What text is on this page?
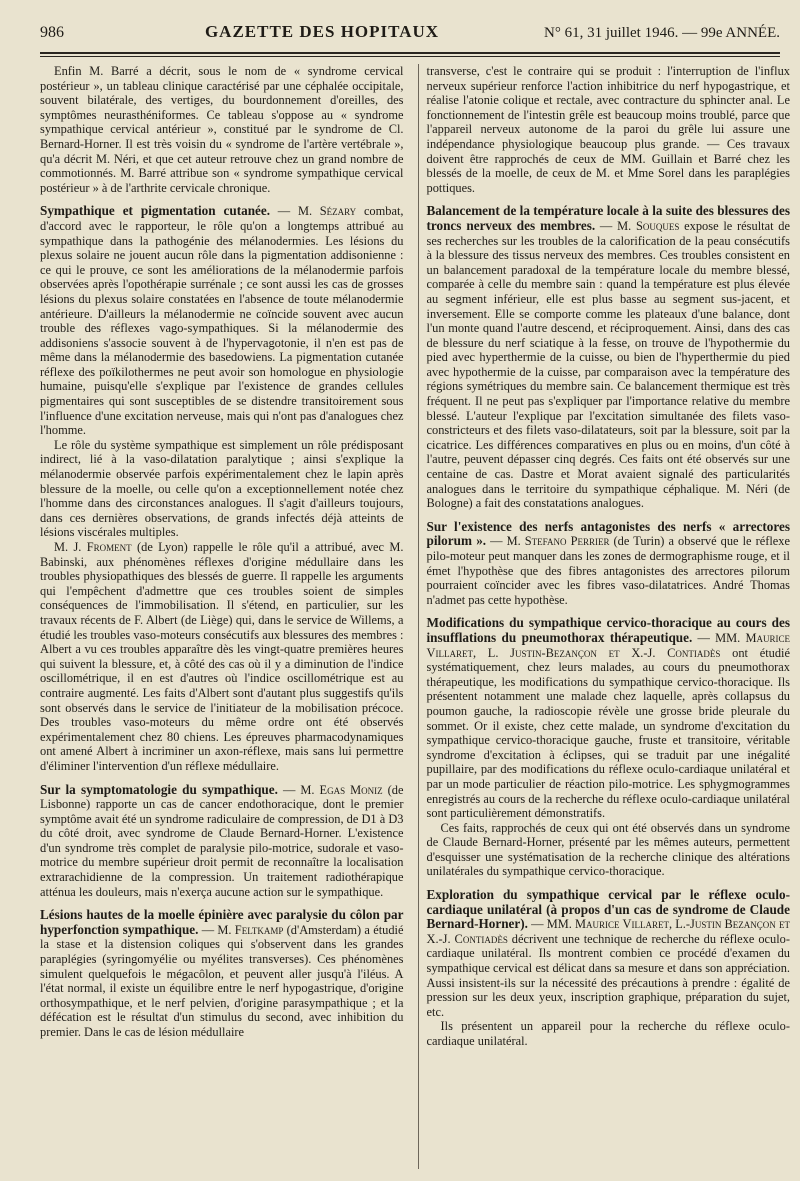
986	GAZETTE DES HOPITAUX	N° 61, 31 juillet 1946. — 99e ANNÉE.

Enfin M. Barré a décrit, sous le nom de « syndrome cervical postérieur », un tableau clinique caractérisé par une céphalée occipitale, souvent bilatérale, des vertiges, du bourdonnement d'oreilles, des symptômes neurasthéniformes. Ce tableau s'oppose au « syndrome sympathique cervical antérieur », constitué par le syndrome de Cl. Bernard-Horner. Il est très voisin du « syndrome de l'artère vertébrale », qu'a décrit M. Néri, et que cet auteur retrouve chez un grand nombre de commotionnés. M. Barré attribue son « syndrome sympathique cervical postérieur » à de l'arthrite cervicale chronique.

Sympathique et pigmentation cutanée. — M. Sézary combat, d'accord avec le rapporteur, le rôle qu'on a longtemps attribué au sympathique dans la pathogénie des mélanodermies. Les lésions du plexus solaire ne jouent aucun rôle dans la pigmentation addisonienne : ce qui le prouve, ce sont les améliorations de la mélanodermie parfois observées après l'opothérapie surrénale ; ce sont aussi les cas de grosses lésions du plexus solaire constatées en l'absence de toute mélanodermie antérieure. D'ailleurs la mélanodermie ne coïncide souvent avec aucun trouble des réflexes vago-sympathiques. Si la mélanodermie des addisoniens s'associe souvent à de l'hypervagotonie, il n'en est pas de même dans la mélanodermie des basedowiens. La pigmentation cutanée réflexe des poïkilothermes ne peut avoir son homologue en physiologie humaine, puisqu'elle s'explique par l'existence de grandes cellules pigmentaires qui sont susceptibles de se distendre transitoirement sous l'influence d'une excitation nerveuse, mais qui n'ont pas d'analogues chez l'homme.

Le rôle du système sympathique est simplement un rôle prédisposant indirect, lié à la vaso-dilatation paralytique ; ainsi s'explique la mélanodermie observée parfois expérimentalement chez le lapin après blessure de la moelle, ou celle qu'on a exceptionnellement notée chez l'homme dans des circonstances analogues. Il s'agit d'ailleurs toujours, dans ces dernières observations, de grands infectés déjà atteints de lésions viscérales multiples.

M. J. Froment (de Lyon) rappelle le rôle qu'il a attribué, avec M. Babinski, aux phénomènes réflexes d'origine médullaire dans les troubles physiopathiques des blessés de guerre. Il rappelle les arguments qui l'empêchent d'admettre que ces troubles soient de simples conséquences de l'immobilisation. Il s'étend, en particulier, sur les travaux récents de F. Albert (de Liège) qui, dans le service de Willems, a étudié les troubles vaso-moteurs consécutifs aux blessures des membres : Albert a vu ces troubles apparaître dès les vingt-quatre premières heures qui suivent la blessure, et, à côté des cas où il y a diminution de l'indice oscillométrique, il en est d'autres où l'indice oscillométrique est au contraire augmenté. Les faits d'Albert sont d'autant plus suggestifs qu'ils sont observés dans le service de l'initiateur de la mobilisation précoce. Des troubles vaso-moteurs du même ordre ont été observés expérimentalement chez 80 chiens. Les épreuves pharmacodynamiques ont amené Albert à incriminer un axon-réflexe, mais sans lui permettre d'éliminer l'intervention d'un réflexe médullaire.

Sur la symptomatologie du sympathique. — M. Egas Moniz (de Lisbonne) rapporte un cas de cancer endothoracique, dont le premier symptôme avait été un syndrome radiculaire de compression, de D1 à D3 du côté droit, avec syndrome de Claude Bernard-Horner. L'existence d'un syndrome très complet de paralysie pilo-motrice, sudorale et vaso-motrice du membre supérieur droit permit de reconnaître la localisation extrarachidienne de la compression. Un traitement radiothérapique atténua les douleurs, mais n'exerça aucune action sur le sympathique.

Lésions hautes de la moelle épinière avec paralysie du côlon par hyperfonction sympathique. — M. Feltkamp (d'Amsterdam) a étudié la stase et la distension coliques qui s'observent dans les grandes paraplégies (syringomyélie ou myélites transverses). Ces phénomènes simulent quelquefois le mégacôlon, et peuvent aller jusqu'à l'iléus. A l'état normal, il existe un équilibre entre le nerf hypogastrique, d'origine orthosympathique, et le nerf pelvien, d'origine parasympathique ; et la défécation est le résultat d'un stimulus du second, avec inhibition du premier. Dans le cas de lésion médullaire

transverse, c'est le contraire qui se produit : l'interruption de l'influx nerveux supérieur renforce l'action inhibitrice du nerf hypogastrique, et réalise l'atonie colique et rectale, avec contracture du sphincter anal. Le fonctionnement de l'intestin grêle est beaucoup moins troublé, parce que l'appareil nerveux autonome de la paroi du grêle lui assure une indépendance physiologique beaucoup plus grande. — Ces travaux doivent être rapprochés de ceux de MM. Guillain et Barré chez les blessés de la moelle, de ceux de M. et Mme Sorel dans les paraplégies pottiques.

Balancement de la température locale à la suite des blessures des troncs nerveux des membres. — M. Souques expose le résultat de ses recherches sur les troubles de la calorification de la peau consécutifs à la blessure des tissus nerveux des membres. Ces troubles consistent en un balancement paradoxal de la température locale du membre blessé, comparée à celle du membre sain : quand la température est plus élevée au segment inférieur, elle est plus basse au segment sus-jacent, et inversement. Elle se comporte comme les plateaux d'une balance, dont l'un monte quand l'autre descend, et réciproquement. Ainsi, dans des cas de blessure du nerf sciatique à la fesse, on trouve de l'hypothermie du pied avec hyperthermie de la cuisse, ou bien de l'hyperthermie du pied avec hypothermie de la cuisse, par comparaison avec la température des régions symétriques du membre sain. Ce balancement thermique est très fréquent. Il ne peut pas s'expliquer par l'importance relative du membre blessé. L'auteur l'explique par l'excitation simultanée des filets vaso-constricteurs et des filets vaso-dilatateurs, soit par la blessure, soit par la cicatrice. Les différences comparatives en plus ou en moins, d'un côté à l'autre, peuvent dépasser cinq degrés. Ces faits ont été observés sur une centaine de cas. Dastre et Morat avaient signalé des particularités analogues dans le territoire du sympathique céphalique. M. Néri (de Bologne) a fait des constatations analogues.

Sur l'existence des nerfs antagonistes des nerfs « arrectores pilorum ». — M. Stefano Perrier (de Turin) a observé que le réflexe pilo-moteur peut manquer dans les zones de dermographisme rouge, et il émet l'hypothèse que des fibres antagonistes des arrectores pilorum pourraient coïncider avec les fibres vaso-dilatatrices. André Thomas n'admet pas cette hypothèse.

Modifications du sympathique cervico-thoracique au cours des insufflations du pneumothorax thérapeutique. — MM. Maurice Villaret, L. Justin-Bezançon et X.-J. Contiadès ont étudié systématiquement, chez leurs malades, au cours du pneumothorax thérapeutique, les modifications du sympathique cervico-thoracique. Ils présentent notamment une malade chez laquelle, après collapsus du poumon gauche, la radioscopie révèle une grosse bride pleurale du sommet. Or il existe, chez cette malade, un syndrome d'excitation du sympathique cervico-thoracique gauche, fruste et transitoire, véritable syndrome d'excitation à éclipses, qui se traduit par une inégalité pupillaire, par des modifications du réflexe oculo-cardiaque unilatéral et par un mode particulier de réaction pilo-motrice. Les sphygmogrammes enregistrés au cours de la recherche du réflexe oculo-cardiaque unilatéral sont particulièrement démonstratifs.

Ces faits, rapprochés de ceux qui ont été observés dans un syndrome de Claude Bernard-Horner, présenté par les mêmes auteurs, permettent d'esquisser une systématisation de la recherche clinique des altérations unilatérales du sympathique cervico-thoracique.

Exploration du sympathique cervical par le réflexe oculo-cardiaque unilatéral (à propos d'un cas de syndrome de Claude Bernard-Horner). — MM. Maurice Villaret, L.-Justin Bezançon et X.-J. Contiadès décrivent une technique de recherche du réflexe oculo-cardiaque unilatéral. Ils montrent combien ce procédé d'examen du sympathique cervical est délicat dans sa mesure et dans son appréciation. Aussi insistent-ils sur la nécessité des précautions à prendre : égalité de pression sur les deux yeux, inscription graphique, préparation du sujet, etc.

Ils présentent un appareil pour la recherche du réflexe oculo-cardiaque unilatéral.
